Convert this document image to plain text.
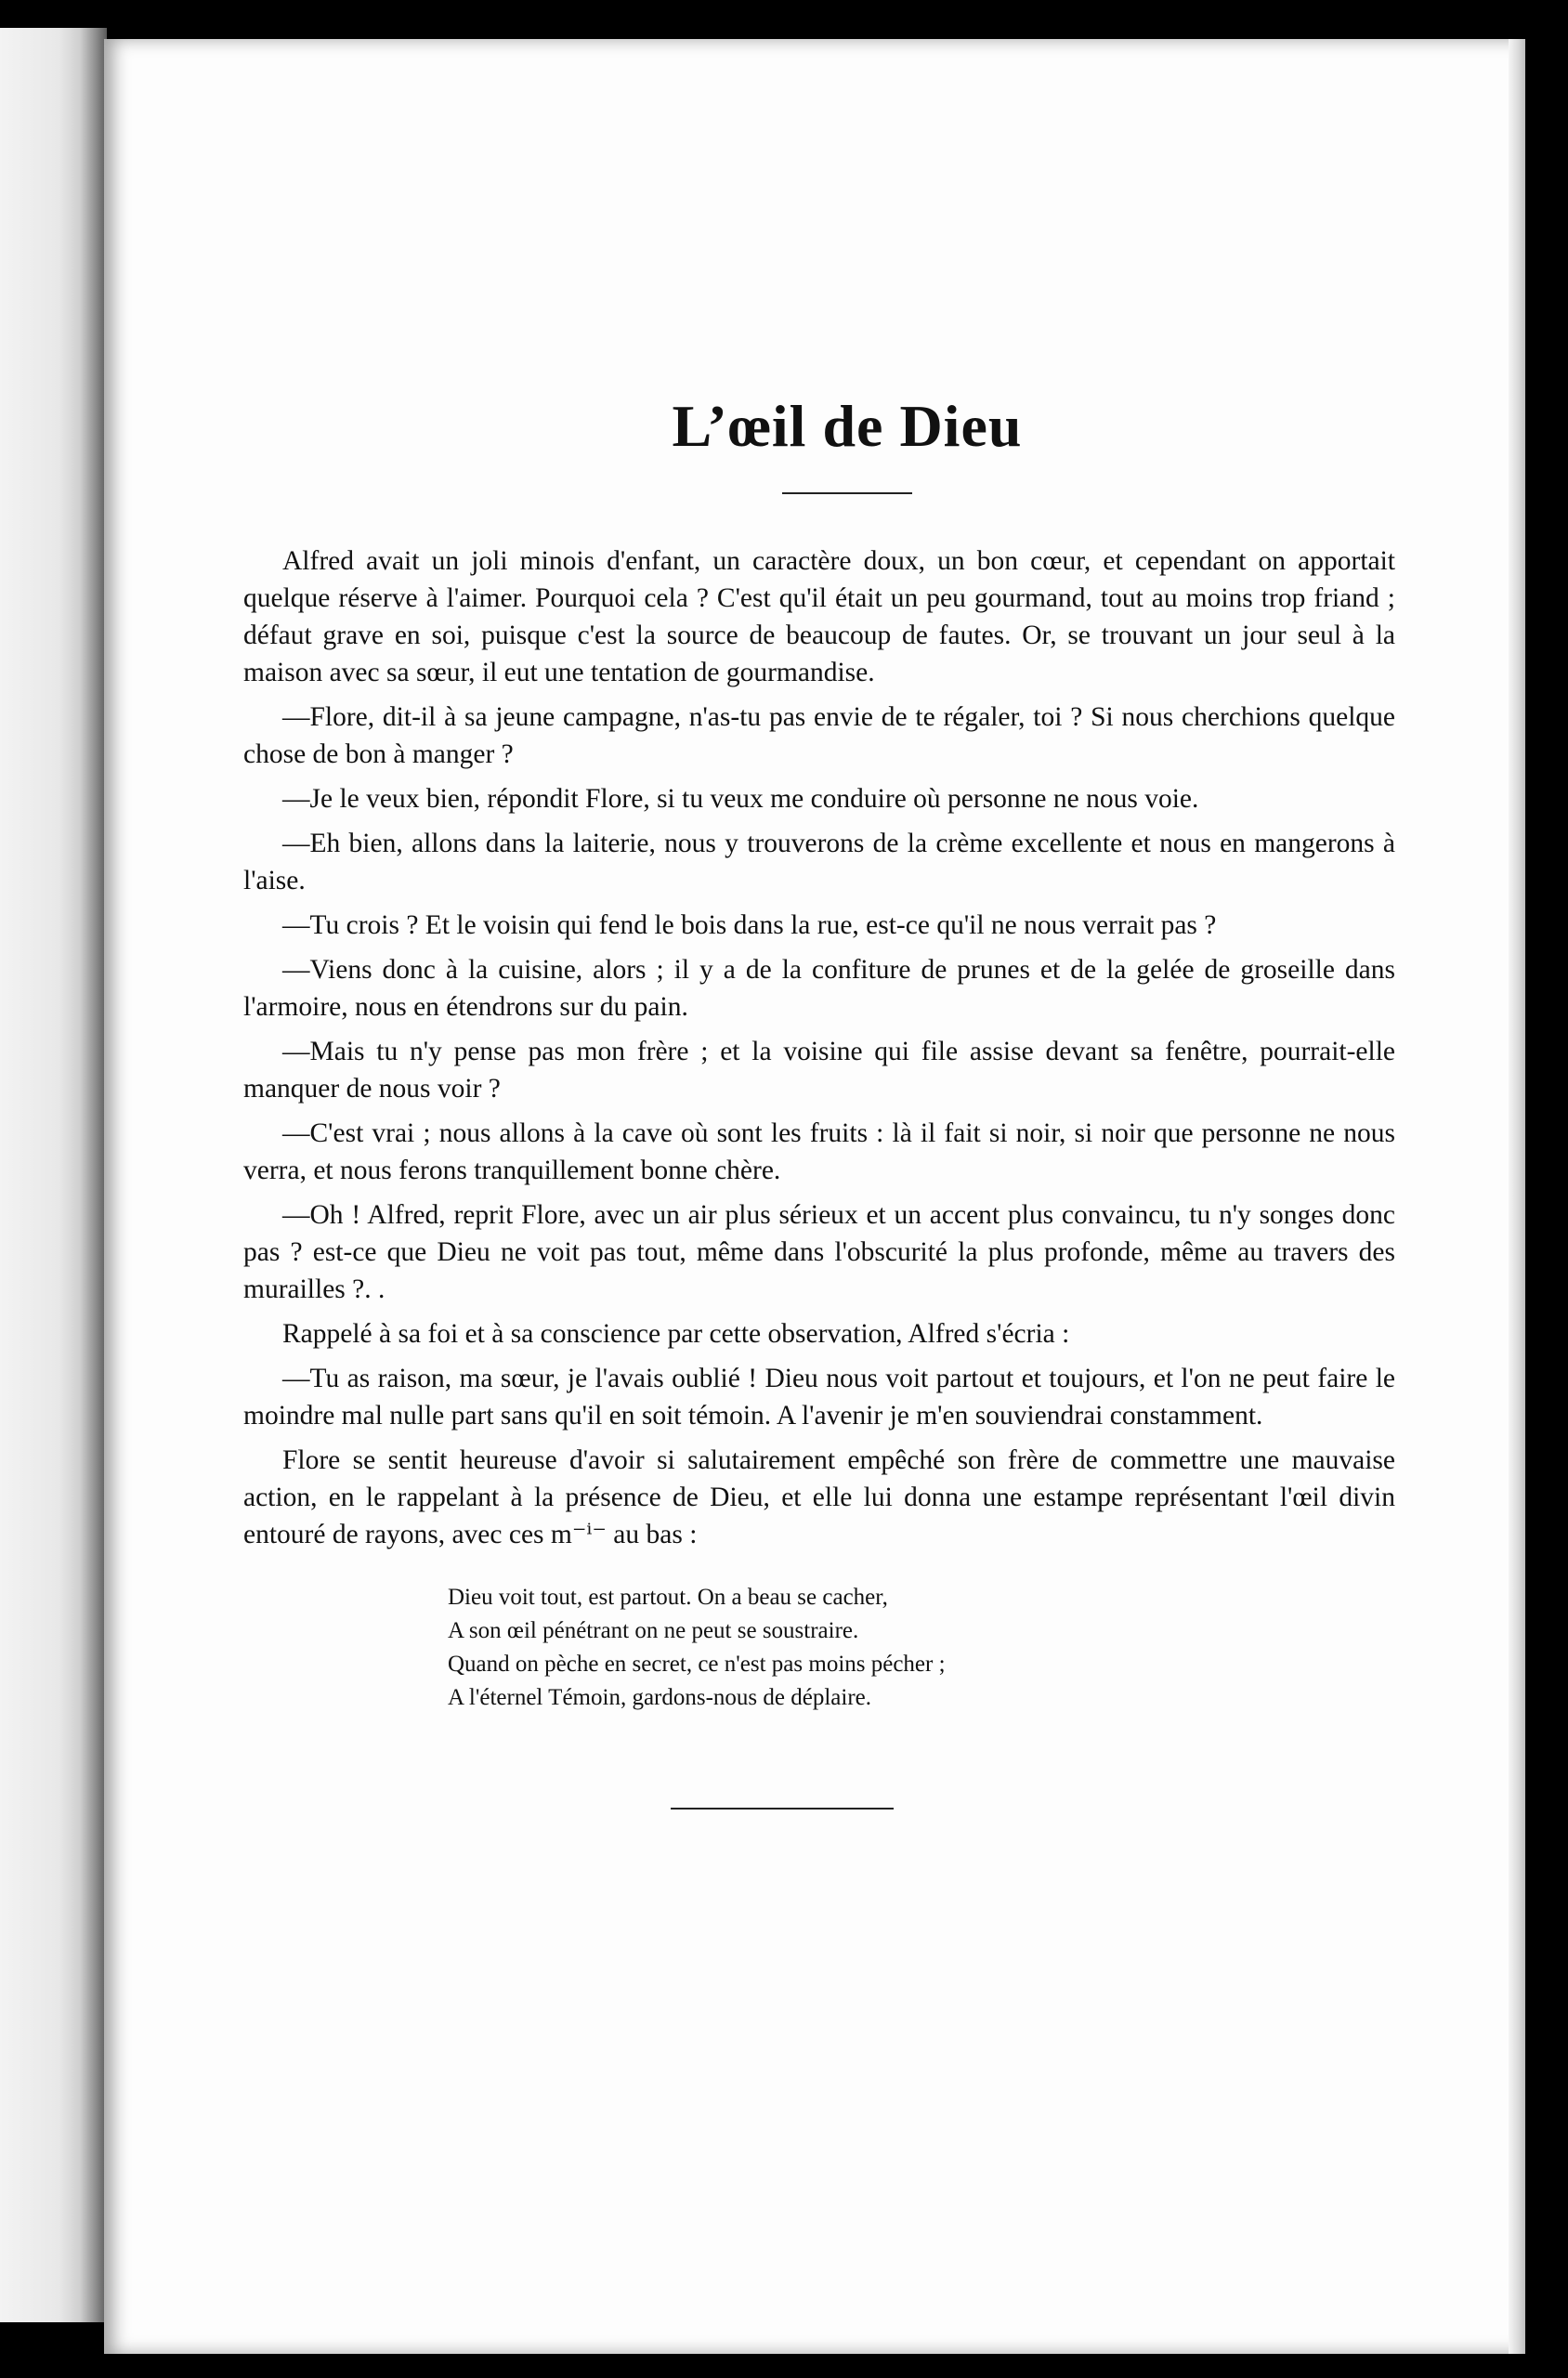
L’œil de Dieu

Alfred avait un joli minois d'enfant, un caractère doux, un bon cœur, et cependant on apportait quelque réserve à l'aimer. Pourquoi cela ? C'est qu'il était un peu gourmand, tout au moins trop friand ; défaut grave en soi, puisque c'est la source de beaucoup de fautes. Or, se trouvant un jour seul à la maison avec sa sœur, il eut une tentation de gourmandise.

—Flore, dit-il à sa jeune campagne, n'as-tu pas envie de te régaler, toi ? Si nous cherchions quelque chose de bon à manger ?

—Je le veux bien, répondit Flore, si tu veux me conduire où personne ne nous voie.

—Eh bien, allons dans la laiterie, nous y trouverons de la crème excellente et nous en mangerons à l'aise.

—Tu crois ? Et le voisin qui fend le bois dans la rue, est-ce qu'il ne nous verrait pas ?

—Viens donc à la cuisine, alors ; il y a de la confiture de prunes et de la gelée de groseille dans l'armoire, nous en étendrons sur du pain.

—Mais tu n'y pense pas mon frère ; et la voisine qui file assise devant sa fenêtre, pourrait-elle manquer de nous voir ?

—C'est vrai ; nous allons à la cave où sont les fruits : là il fait si noir, si noir que personne ne nous verra, et nous ferons tranquillement bonne chère.

—Oh ! Alfred, reprit Flore, avec un air plus sérieux et un accent plus convaincu, tu n'y songes donc pas ? est-ce que Dieu ne voit pas tout, même dans l'obscurité la plus profonde, même au travers des murailles ?. .

Rappelé à sa foi et à sa conscience par cette observation, Alfred s'écria :

—Tu as raison, ma sœur, je l'avais oublié ! Dieu nous voit partout et toujours, et l'on ne peut faire le moindre mal nulle part sans qu'il en soit témoin. A l'avenir je m'en souviendrai constamment.

Flore se sentit heureuse d'avoir si salutairement empêché son frère de commettre une mauvaise action, en le rappelant à la présence de Dieu, et elle lui donna une estampe représentant l'œil divin entouré de rayons, avec ces m⁻ⁱ⁻ au bas :

Dieu voit tout, est partout. On a beau se cacher,
A son œil pénétrant on ne peut se soustraire.
Quand on pèche en secret, ce n'est pas moins pécher ;
A l'éternel Témoin, gardons-nous de déplaire.
